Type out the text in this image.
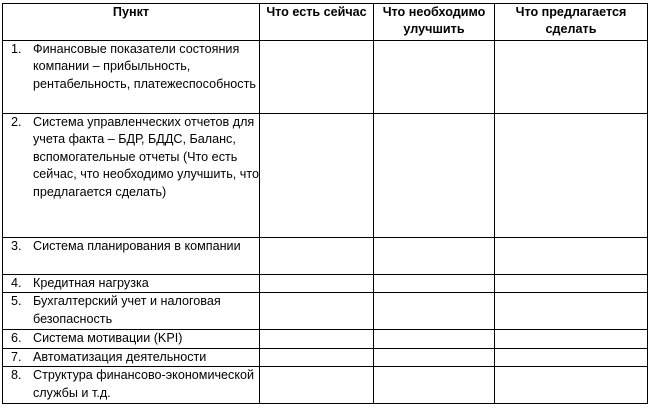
Пункт	Что есть сейчас	Что необходимо улучшить	Что предлагается сделать

1. Финансовые показатели состояния компании – прибыльность, рентабельность, платежеспособность			

2. Система управленческих отчетов для учета факта – БДР, БДДС, Баланс, вспомогательные отчеты (Что есть сейчас, что необходимо улучшить, что предлагается сделать)			

3. Система планирования в компании			

4. Кредитная нагрузка			

5. Бухгалтерский учет и налоговая безопасность			

6. Система мотивации (KPI)			

7. Автоматизация деятельности			

8. Структура финансово-экономической службы и т.д.			
